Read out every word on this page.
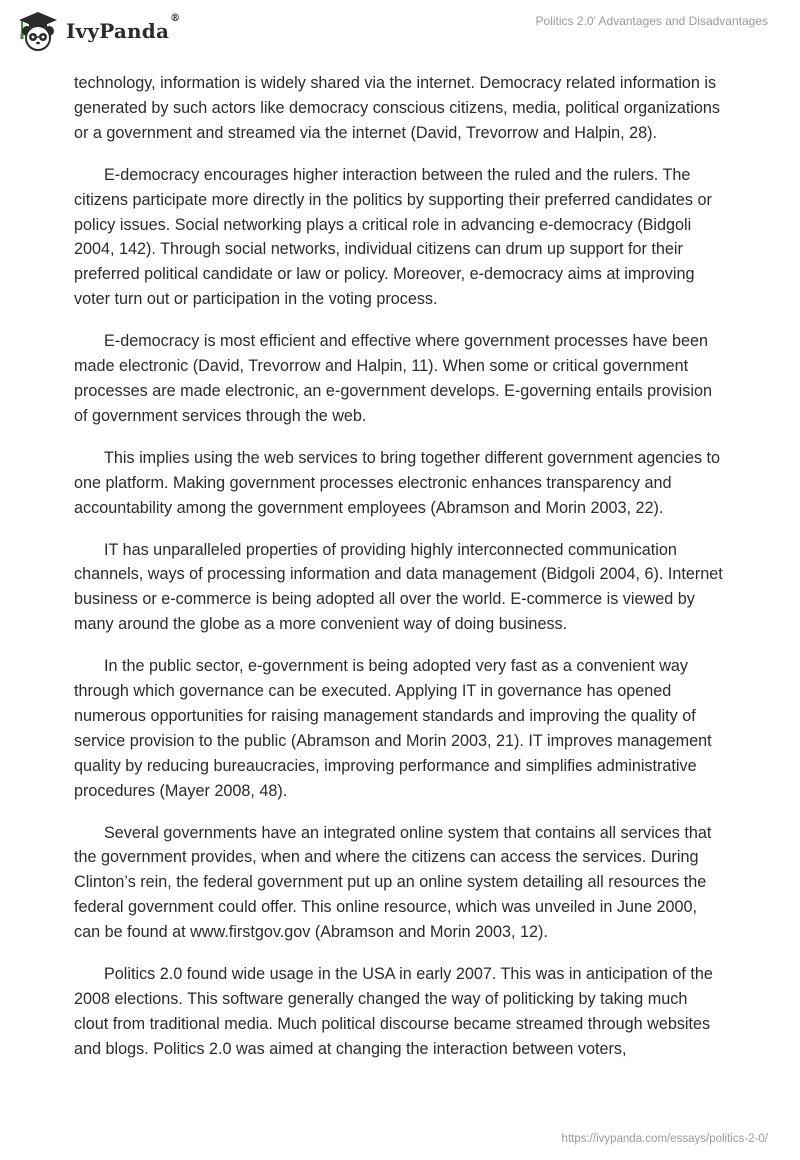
IvyPanda®	Politics 2.0' Advantages and Disadvantages

technology, information is widely shared via the internet. Democracy related information is generated by such actors like democracy conscious citizens, media, political organizations or a government and streamed via the internet (David, Trevorrow and Halpin, 28).

E-democracy encourages higher interaction between the ruled and the rulers. The citizens participate more directly in the politics by supporting their preferred candidates or policy issues. Social networking plays a critical role in advancing e-democracy (Bidgoli 2004, 142). Through social networks, individual citizens can drum up support for their preferred political candidate or law or policy. Moreover, e-democracy aims at improving voter turn out or participation in the voting process.

E-democracy is most efficient and effective where government processes have been made electronic (David, Trevorrow and Halpin, 11). When some or critical government processes are made electronic, an e-government develops. E-governing entails provision of government services through the web.

This implies using the web services to bring together different government agencies to one platform. Making government processes electronic enhances transparency and accountability among the government employees (Abramson and Morin 2003, 22).

IT has unparalleled properties of providing highly interconnected communication channels, ways of processing information and data management (Bidgoli 2004, 6). Internet business or e-commerce is being adopted all over the world. E-commerce is viewed by many around the globe as a more convenient way of doing business.

In the public sector, e-government is being adopted very fast as a convenient way through which governance can be executed. Applying IT in governance has opened numerous opportunities for raising management standards and improving the quality of service provision to the public (Abramson and Morin 2003, 21). IT improves management quality by reducing bureaucracies, improving performance and simplifies administrative procedures (Mayer 2008, 48).

Several governments have an integrated online system that contains all services that the government provides, when and where the citizens can access the services. During Clinton’s rein, the federal government put up an online system detailing all resources the federal government could offer. This online resource, which was unveiled in June 2000, can be found at www.firstgov.gov (Abramson and Morin 2003, 12).

Politics 2.0 found wide usage in the USA in early 2007. This was in anticipation of the 2008 elections. This software generally changed the way of politicking by taking much clout from traditional media. Much political discourse became streamed through websites and blogs. Politics 2.0 was aimed at changing the interaction between voters,

https://ivypanda.com/essays/politics-2-0/
